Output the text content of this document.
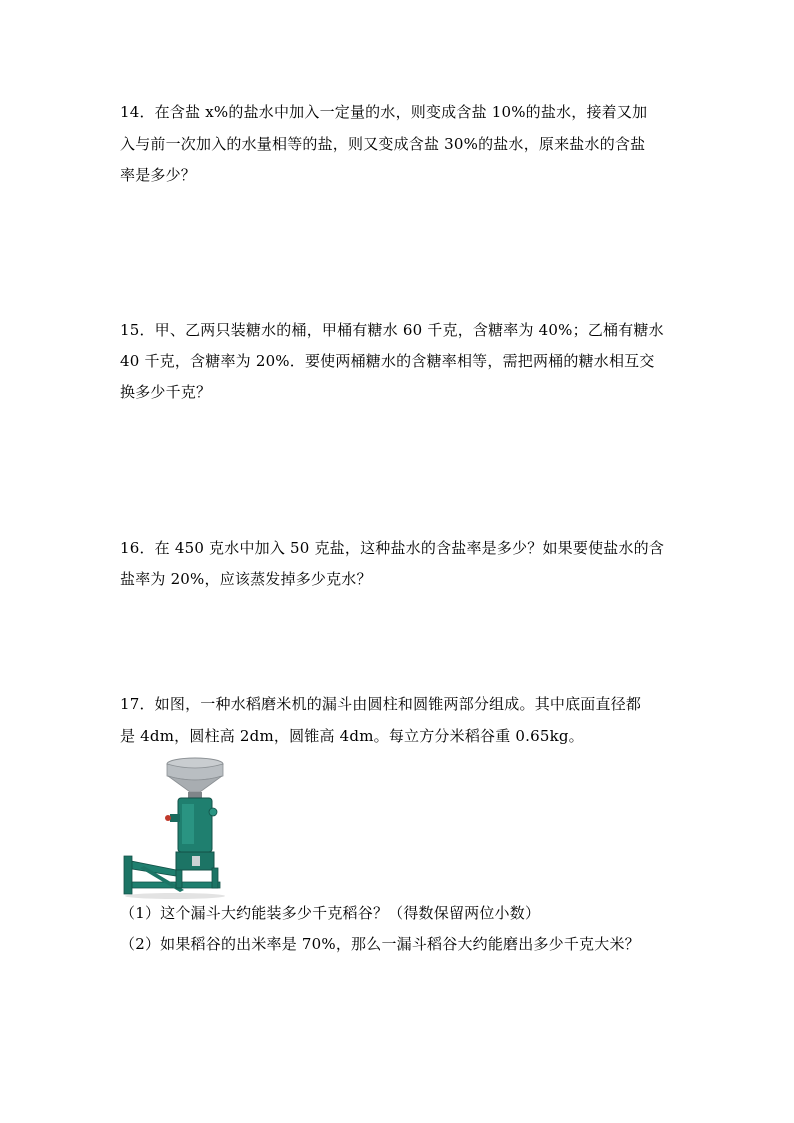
14．在含盐 x%的盐水中加入一定量的水，则变成含盐 10%的盐水，接着又加
入与前一次加入的水量相等的盐，则又变成含盐 30%的盐水，原来盐水的含盐
率是多少？
15．甲、乙两只装糖水的桶，甲桶有糖水 60 千克，含糖率为 40%；乙桶有糖水
40 千克，含糖率为 20%．要使两桶糖水的含糖率相等，需把两桶的糖水相互交
换多少千克？
16．在 450 克水中加入 50 克盐，这种盐水的含盐率是多少？如果要使盐水的含
盐率为 20%，应该蒸发掉多少克水？
17．如图，一种水稻磨米机的漏斗由圆柱和圆锥两部分组成。其中底面直径都
是 4dm，圆柱高 2dm，圆锥高 4dm。每立方分米稻谷重 0.65kg。
（1）这个漏斗大约能装多少千克稻谷？（得数保留两位小数）
（2）如果稻谷的出米率是 70%，那么一漏斗稻谷大约能磨出多少千克大米？
